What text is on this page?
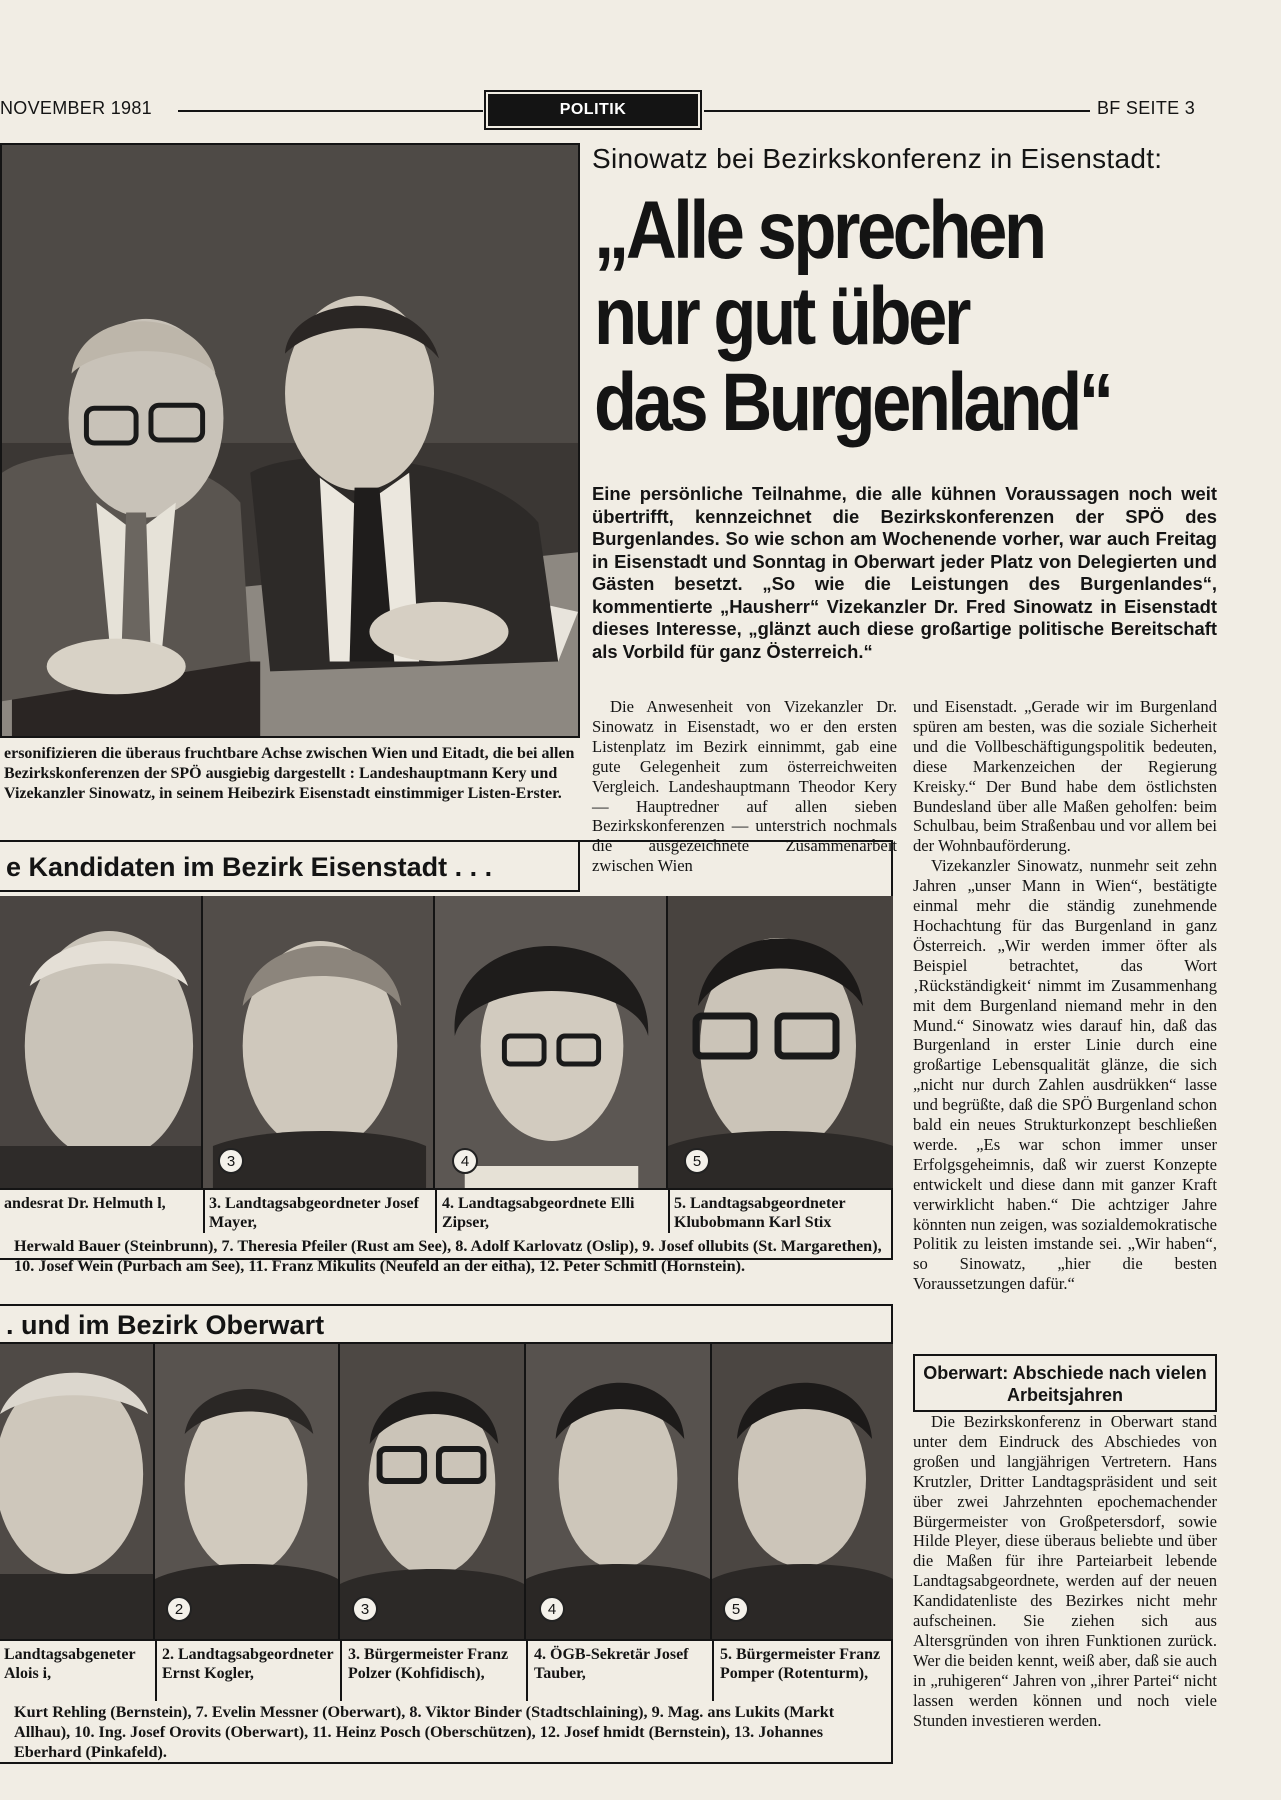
NOVEMBER 1981	POLITIK	BF SEITE 3
ersonifizieren die überaus fruchtbare Achse zwischen Wien und Eitadt, die bei allen Bezirkskonferenzen der SPÖ ausgiebig dargestellt : Landeshauptmann Kery und Vizekanzler Sinowatz, in seinem Heibezirk Eisenstadt einstimmiger Listen-Erster.
Sinowatz bei Bezirkskonferenz in Eisenstadt:
„Alle sprechen
nur gut über
das Burgenland“
Eine persönliche Teilnahme, die alle kühnen Voraussagen noch weit übertrifft, kennzeichnet die Bezirkskonferenzen der SPÖ des Burgenlandes. So wie schon am Wochenende vorher, war auch Freitag in Eisenstadt und Sonntag in Oberwart jeder Platz von Delegierten und Gästen besetzt. „So wie die Leistungen des Burgenlandes“, kommentierte „Hausherr“ Vizekanzler Dr. Fred Sinowatz in Eisenstadt dieses Interesse, „glänzt auch diese großartige politische Bereitschaft als Vorbild für ganz Österreich.“

Die Anwesenheit von Vizekanzler Dr. Sinowatz in Eisenstadt, wo er den ersten Listenplatz im Bezirk einnimmt, gab eine gute Gelegenheit zum österreichweiten Vergleich. Landeshauptmann Theodor Kery — Hauptredner auf allen sieben Bezirkskonferenzen — unterstrich nochmals die ausgezeichnete Zusammenarbeit zwischen Wien

und Eisenstadt. „Gerade wir im Burgenland spüren am besten, was die soziale Sicherheit und die Vollbeschäftigungspolitik bedeuten, diese Markenzeichen der Regierung Kreisky.“ Der Bund habe dem östlichsten Bundesland über alle Maßen geholfen: beim Schulbau, beim Straßenbau und vor allem bei der Wohnbauförderung.

Vizekanzler Sinowatz, nunmehr seit zehn Jahren „unser Mann in Wien“, bestätigte einmal mehr die ständig zunehmende Hochachtung für das Burgenland in ganz Österreich. „Wir werden immer öfter als Beispiel betrachtet, das Wort ‚Rückständigkeit‘ nimmt im Zusammenhang mit dem Burgenland niemand mehr in den Mund.“ Sinowatz wies darauf hin, daß das Burgenland in erster Linie durch eine großartige Lebensqualität glänze, die sich „nicht nur durch Zahlen ausdrükken“ lasse und begrüßte, daß die SPÖ Burgenland schon bald ein neues Strukturkonzept beschließen werde. „Es war schon immer unser Erfolgsgeheimnis, daß wir zuerst Konzepte entwickelt und diese dann mit ganzer Kraft verwirklicht haben.“ Die achtziger Jahre könnten nun zeigen, was sozialdemokratische Politik zu leisten imstande sei. „Wir haben“, so Sinowatz, „hier die besten Voraussetzungen dafür.“

e Kandidaten im Bezirk Eisenstadt . . .
3	4	5
andesrat Dr. Helmuth l,	3. Landtagsabgeordneter Josef Mayer,
4. Landtagsabgeordnete Elli Zipser,
5. Landtagsabgeordneter Klubobmann Karl Stix
Herwald Bauer (Steinbrunn), 7. Theresia Pfeiler (Rust am See), 8. Adolf Karlovatz (Oslip), 9. Josef ollubits (St. Margarethen), 10. Josef Wein (Purbach am See), 11. Franz Mikulits (Neufeld an der eitha), 12. Peter Schmitl (Hornstein).
. und im Bezirk Oberwart
2	3	4	5
Landtagsabgeneter Alois i,
2. Landtagsabgeordneter Ernst Kogler,
3. Bürgermeister Franz Polzer (Kohfidisch),
4. ÖGB-Sekretär Josef Tauber,
5. Bürgermeister Franz Pomper (Rotenturm),
Kurt Rehling (Bernstein), 7. Evelin Messner (Oberwart), 8. Viktor Binder (Stadtschlaining), 9. Mag. ans Lukits (Markt Allhau), 10. Ing. Josef Orovits (Oberwart), 11. Heinz Posch (Oberschützen), 12. Josef hmidt (Bernstein), 13. Johannes Eberhard (Pinkafeld).
Oberwart: Abschiede nach vielen Arbeitsjahren

Die Bezirkskonferenz in Oberwart stand unter dem Eindruck des Abschiedes von großen und langjährigen Vertretern. Hans Krutzler, Dritter Landtagspräsident und seit über zwei Jahrzehnten epochemachender Bürgermeister von Großpetersdorf, sowie Hilde Pleyer, diese überaus beliebte und über die Maßen für ihre Parteiarbeit lebende Landtagsabgeordnete, werden auf der neuen Kandidatenliste des Bezirkes nicht mehr aufscheinen. Sie ziehen sich aus Altersgründen von ihren Funktionen zurück. Wer die beiden kennt, weiß aber, daß sie auch in „ruhigeren“ Jahren von „ihrer Partei“ nicht lassen werden können und noch viele Stunden investieren werden.
